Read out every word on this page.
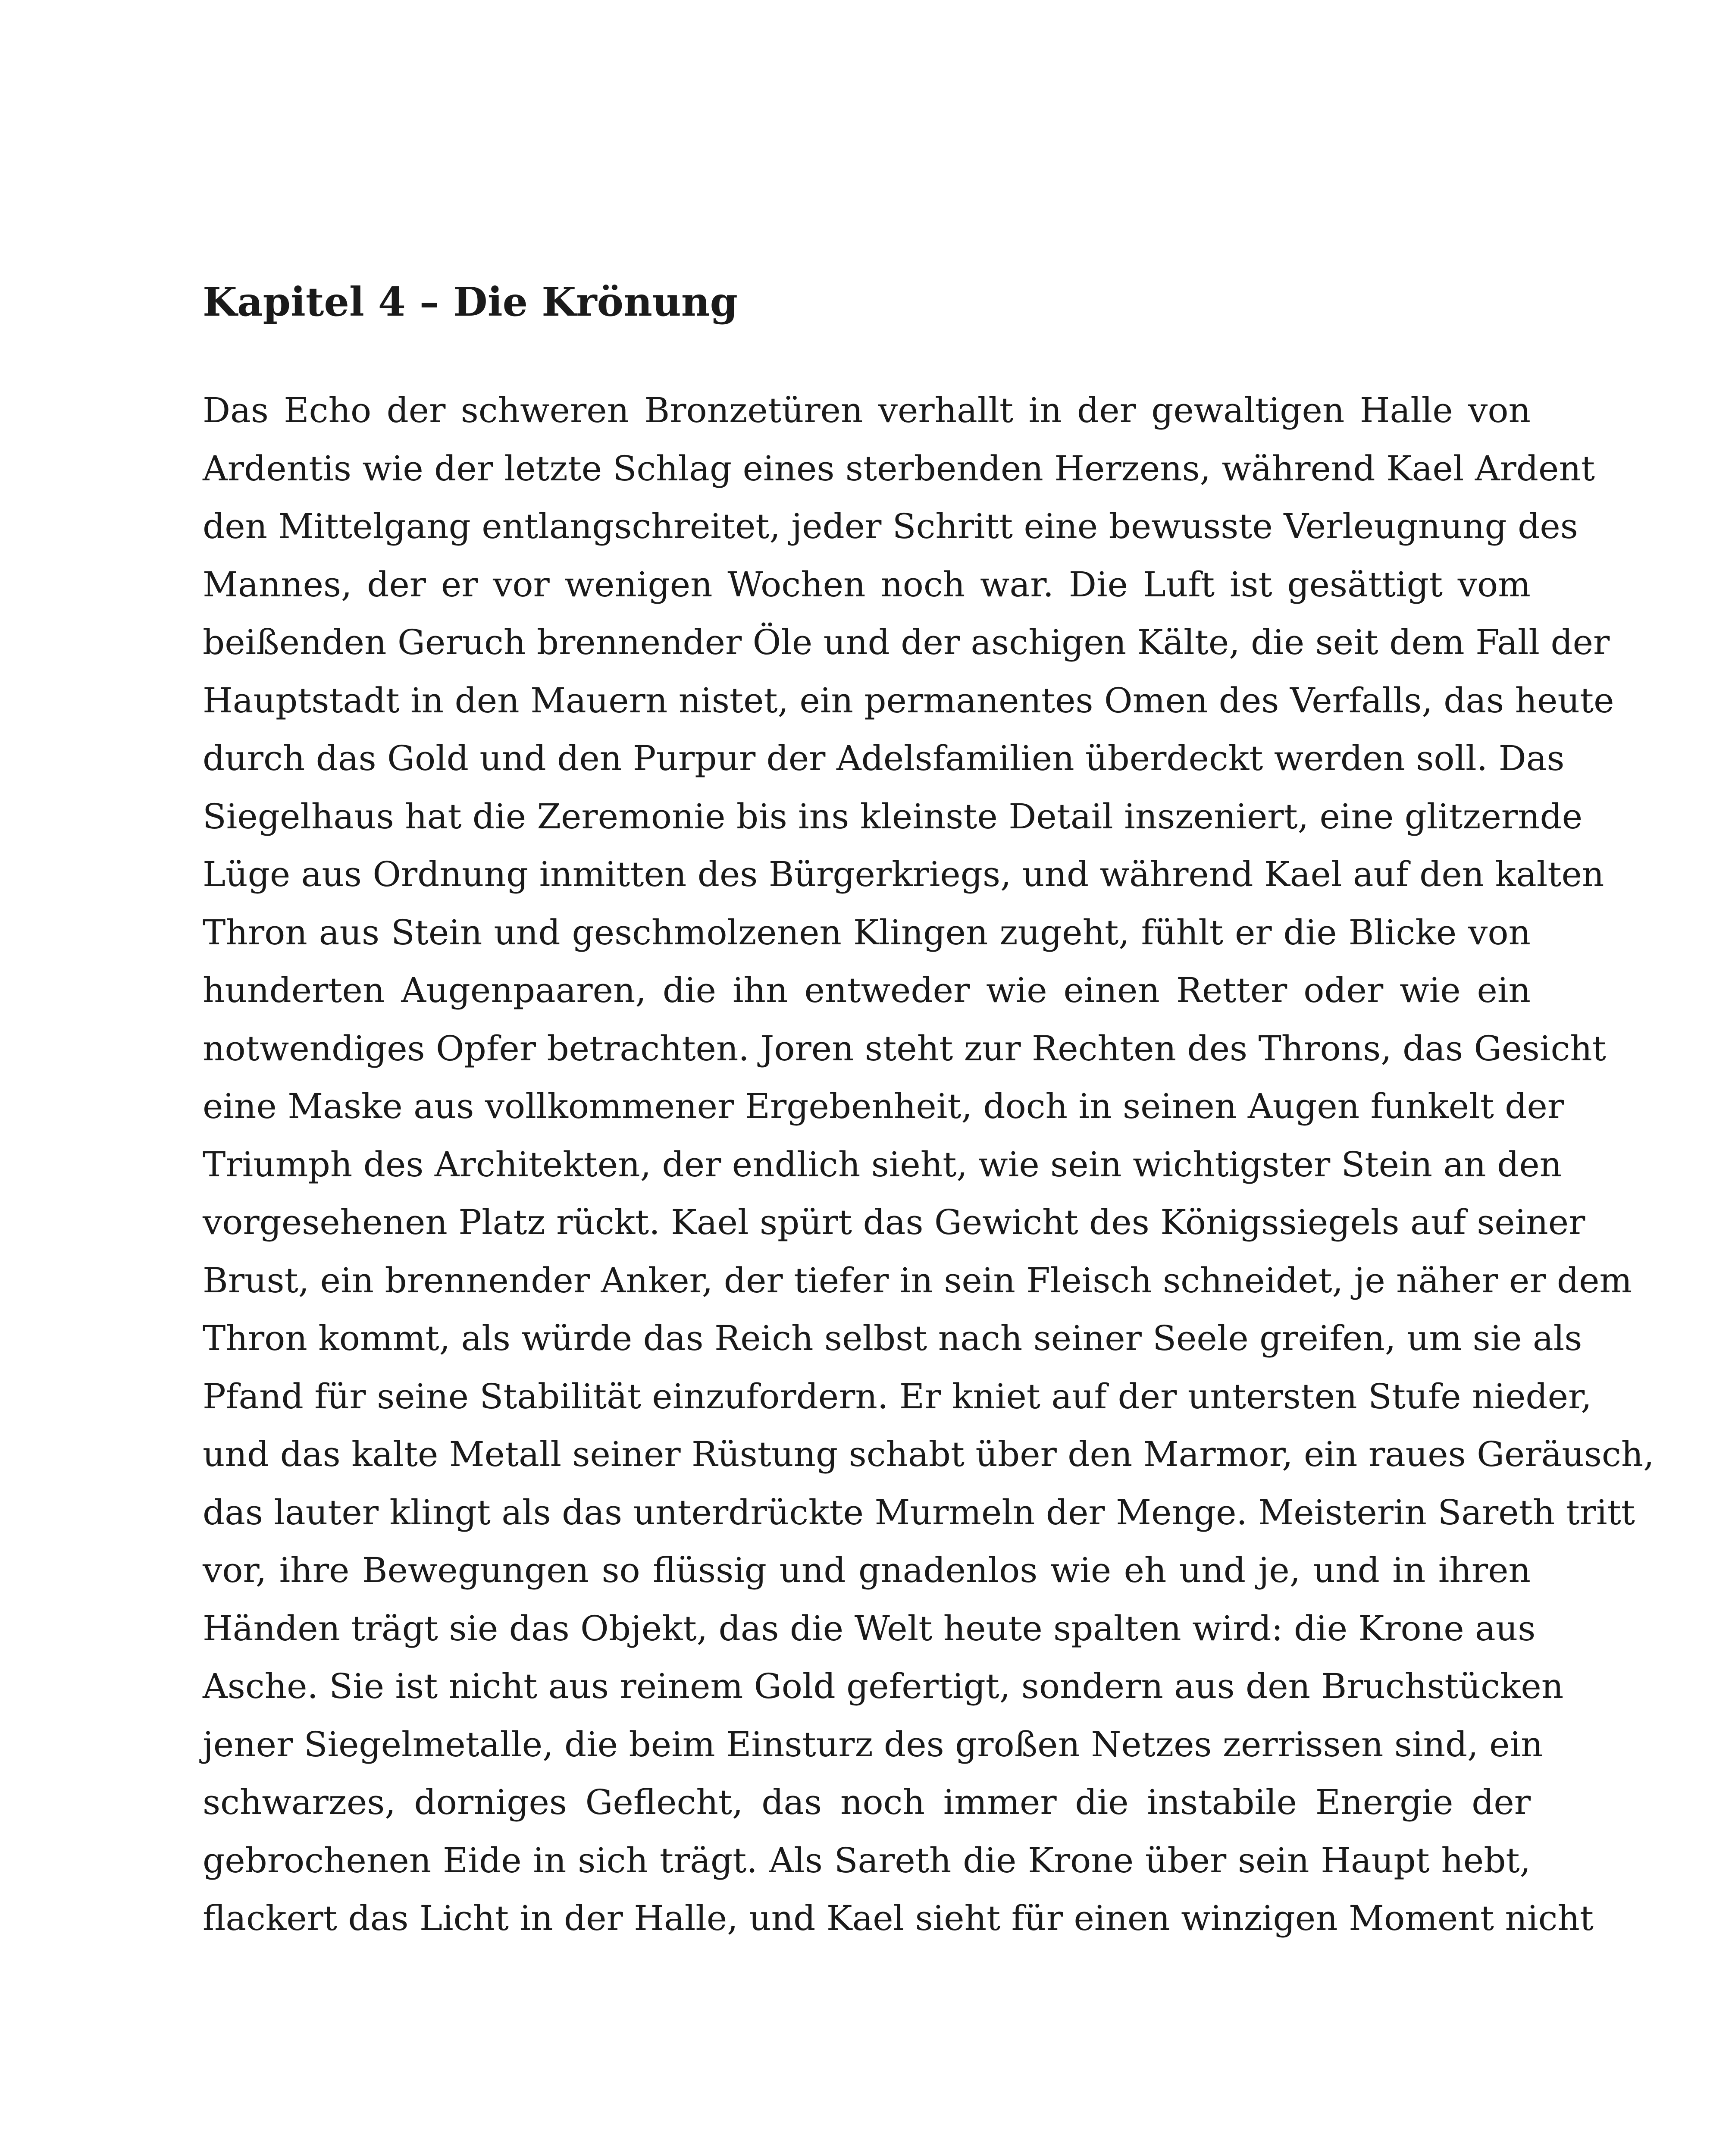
Kapitel 4 – Die Krönung
Das Echo der schweren Bronzetüren verhallt in der gewaltigen Halle von
Ardentis wie der letzte Schlag eines sterbenden Herzens, während Kael Ardent
den Mittelgang entlangschreitet, jeder Schritt eine bewusste Verleugnung des
Mannes, der er vor wenigen Wochen noch war. Die Luft ist gesättigt vom
beißenden Geruch brennender Öle und der aschigen Kälte, die seit dem Fall der
Hauptstadt in den Mauern nistet, ein permanentes Omen des Verfalls, das heute
durch das Gold und den Purpur der Adelsfamilien überdeckt werden soll. Das
Siegelhaus hat die Zeremonie bis ins kleinste Detail inszeniert, eine glitzernde
Lüge aus Ordnung inmitten des Bürgerkriegs, und während Kael auf den kalten
Thron aus Stein und geschmolzenen Klingen zugeht, fühlt er die Blicke von
hunderten Augenpaaren, die ihn entweder wie einen Retter oder wie ein
notwendiges Opfer betrachten. Joren steht zur Rechten des Throns, das Gesicht
eine Maske aus vollkommener Ergebenheit, doch in seinen Augen funkelt der
Triumph des Architekten, der endlich sieht, wie sein wichtigster Stein an den
vorgesehenen Platz rückt. Kael spürt das Gewicht des Königssiegels auf seiner
Brust, ein brennender Anker, der tiefer in sein Fleisch schneidet, je näher er dem
Thron kommt, als würde das Reich selbst nach seiner Seele greifen, um sie als
Pfand für seine Stabilität einzufordern. Er kniet auf der untersten Stufe nieder,
und das kalte Metall seiner Rüstung schabt über den Marmor, ein raues Geräusch,
das lauter klingt als das unterdrückte Murmeln der Menge. Meisterin Sareth tritt
vor, ihre Bewegungen so flüssig und gnadenlos wie eh und je, und in ihren
Händen trägt sie das Objekt, das die Welt heute spalten wird: die Krone aus
Asche. Sie ist nicht aus reinem Gold gefertigt, sondern aus den Bruchstücken
jener Siegelmetalle, die beim Einsturz des großen Netzes zerrissen sind, ein
schwarzes, dorniges Geflecht, das noch immer die instabile Energie der
gebrochenen Eide in sich trägt. Als Sareth die Krone über sein Haupt hebt,
flackert das Licht in der Halle, und Kael sieht für einen winzigen Moment nicht
